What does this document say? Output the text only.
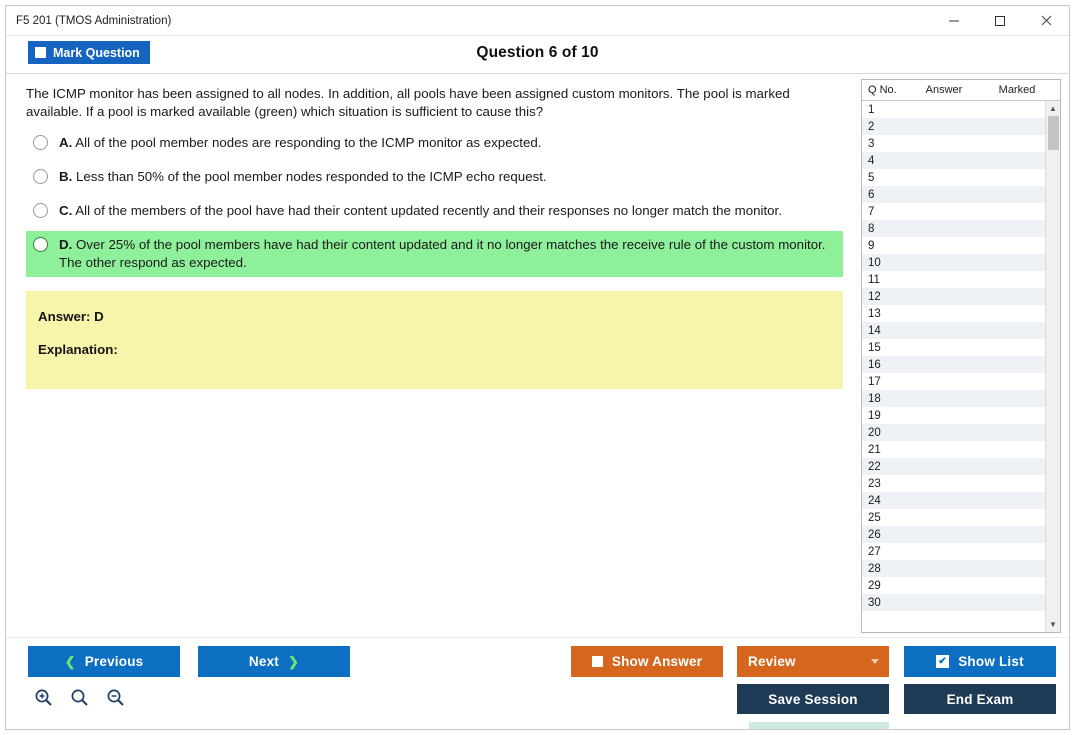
F5 201 (TMOS Administration)
Mark Question	Question 6 of 10

The ICMP monitor has been assigned to all nodes. In addition, all pools have been assigned custom monitors. The pool is marked available. If a pool is marked available (green) which situation is sufficient to cause this?

A. All of the pool member nodes are responding to the ICMP monitor as expected.
B. Less than 50% of the pool member nodes responded to the ICMP echo request.
C. All of the members of the pool have had their content updated recently and their responses no longer match the monitor.
D. Over 25% of the pool members have had their content updated and it no longer matches the receive rule of the custom monitor. The other respond as expected.
Answer: D
Explanation:
Q No.	Answer	Marked
1
2
3
4
5
6
7
8
9
10
11
12
13
14
15
16
17
18
19
20
21
22
23
24
25
26
27
28
29
30
▲
▼
❮ Previous	Next ❯	Show Answer	Review	✔ Show List
Save Session	End Exam
